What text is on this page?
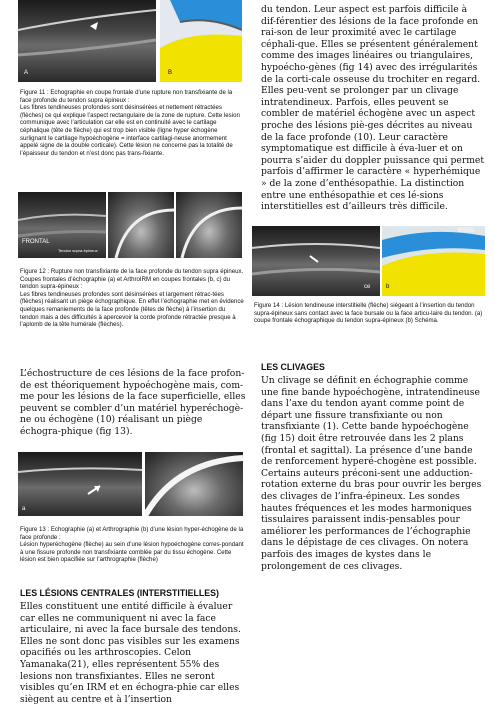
A	B
Figure 11 : Echographie en coupe frontale d’une rupture non transfixiante de la face profonde du tendon supra épineux :
Les fibres tendineuses profondes sont désinsérées et nettement rétractées (flèches) ce qui explique l’aspect rectangulaire de la zone de rupture. Cette lesion communique avec l’articulation car elle est en continuité avec le cartilage céphalique (tête de flèche) qui est trop bien visible (ligne hyper échogène surlignant le cartilage hypoéchogène = interface cartilagi-neuse anormement appelé signe de la double corticale). Cette lésion ne concerne pas la totalité de l’épaisseur du tendon et n’est donc pas trans-fixiante.
FRONTAL
Tendon supra-épineux
Figure 12 : Rupture non transfixiante de la face profonde du tendon supra épineux. Coupes frontales d’échographie (a) et ArthroIRM en coupes frontales (b, c) du tendon supra-épineux :
Les fibres tendineuses profondes sont désinsérées et largement rétrac-tées (flèches) réalisant un piège échographique. En effet l’échographie met en évidence quelques remaniements de la face profonde (têtes de flèche) à l’insertion du tendon mais a des difficultés à apercevoir la corde profonde rétractée presque à l’aplomb de la tête humérale (flèches).
L’échostructure de ces lésions de la face profon-de est théoriquement hypoéchogène mais, com-me pour les lésions de la face superficielle, elles peuvent se combler d’un matériel hyperéchogè-ne ou échogène (10) réalisant un piège échogra-phique (fig 13).
a	b
Figure 13 : Echographie (a) et Arthrographie (b) d’une lésion hyper-échogène de la face profonde :
Lésion hyperéchogène (flèche) au sein d’une lésion hypoéchogène corres-pondant à une fissure profonde non transfixiante comblée par du tissu échogène. Cette lésion est bien opacifiée sur l’arthrographie (flèche)
LES LÉSIONS CENTRALES (INTERSTITIELLES)
Elles constituent une entité difficile à évaluer car elles ne communiquent ni avec la face articulaire, ni avec la face bursale des tendons. Elles ne sont donc pas visibles sur les examens opacifiés ou les arthroscopies. Celon Yamanaka(21), elles représentent 55% des lesions non transfixiantes. Elles ne seront visibles qu’en IRM et en échogra-phie car elles siègent au centre et à l’insertion
du tendon. Leur aspect est parfois difficile à dif-férentier des lésions de la face profonde en rai-son de leur proximité avec le cartilage céphali-que. Elles se présentent généralement comme des images linéaires ou triangulaires, hypoécho-gènes (fig 14) avec des irrégularités de la corti-cale osseuse du trochiter en regard. Elles peu-vent se prolonger par un clivage intratendineux. Parfois, elles peuvent se combler de matériel échogène avec un aspect proche des lésions piè-ges décrites au niveau de la face profonde (10). Leur caractère symptomatique est difficile à éva-luer et on pourra s’aider du doppler puissance qui permet parfois d’affirmer le caractère « hyperhémique » de la zone d’enthésopathie. La distinction entre une enthésopathie et ces lé-sions interstitielles est d’ailleurs très difficile.
ce
BSSD
b
Figure 14 : Lésion tendineuse interstitielle (flèche) siégeant à l’insertion du tendon supra-épineux sans contact avec la face bursale ou la face articu-laire du tendon. (a) coupe frontale échographique du tendon supra-épineux (b) Schéma.
LES CLIVAGES
Un clivage se définit en échographie comme une fine bande hypoéchogène, intratendineuse dans l’axe du tendon ayant comme point de départ une fissure transfixiante ou non transfixiante (1). Cette bande hypoéchogène (fig 15) doit être retrouvée dans les 2 plans (frontal et sagittal). La présence d’une bande de renforcement hyperé-chogène est possible. Certains auteurs préconi-sent une adduction-rotation externe du bras pour ouvrir les berges des clivages de l’infra-épineux. Les sondes hautes fréquences et les modes harmoniques tissulaires paraissent indis-pensables pour améliorer les performances de l’échographie dans le dépistage de ces clivages. On notera parfois des images de kystes dans le prolongement de ces clivages.
